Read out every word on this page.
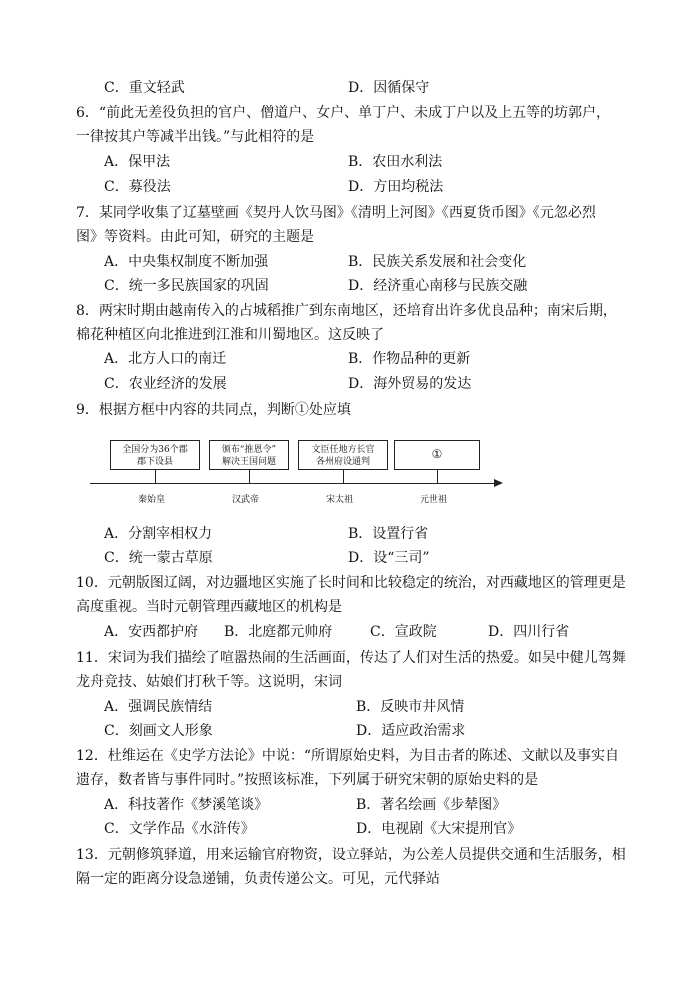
C．重文轻武	D．因循保守
6．“前此无差役负担的官户、僧道户、女户、单丁户、未成丁户以及上五等的坊郭户，
一律按其户等减半出钱。”与此相符的是
A．保甲法	B．农田水利法
C．募役法	D．方田均税法
7．某同学收集了辽墓壁画《契丹人饮马图》《清明上河图》《西夏货币图》《元忽必烈
图》等资料。由此可知，研究的主题是
A．中央集权制度不断加强	B．民族关系发展和社会变化
C．统一多民族国家的巩固	D．经济重心南移与民族交融
8．两宋时期由越南传入的占城稻推广到东南地区，还培育出许多优良品种；南宋后期，
棉花种植区向北推进到江淮和川蜀地区。这反映了
A．北方人口的南迁	B．作物品种的更新
C．农业经济的发展	D．海外贸易的发达
9．根据方框中内容的共同点，判断①处应填
全国分为36个郡
郡下设县
颁布“推恩令”
解决王国问题
文臣任地方长官
各州府设通判
①
秦始皇	汉武帝	宋太祖	元世祖
A．分割宰相权力	B．设置行省
C．统一蒙古草原	D．设“三司”
10．元朝版图辽阔，对边疆地区实施了长时间和比较稳定的统治，对西藏地区的管理更是
高度重视。当时元朝管理西藏地区的机构是
A．安西都护府 B．北庭都元帅府	C．宣政院	D．四川行省
11．宋词为我们描绘了喧嚣热闹的生活画面，传达了人们对生活的热爱。如吴中健儿驾舞
龙舟竞技、姑娘们打秋千等。这说明，宋词
A．强调民族情结	B．反映市井风情
C．刻画文人形象	D．适应政治需求
12．杜维运在《史学方法论》中说：“所谓原始史料，为目击者的陈述、文献以及事实自
遗存，数者皆与事件同时。”按照该标准，下列属于研究宋朝的原始史料的是
A．科技著作《梦溪笔谈》	B．著名绘画《步辇图》
C．文学作品《水浒传》	D．电视剧《大宋提刑官》
13．元朝修筑驿道，用来运输官府物资，设立驿站，为公差人员提供交通和生活服务，相
隔一定的距离分设急递铺，负责传递公文。可见，元代驿站
